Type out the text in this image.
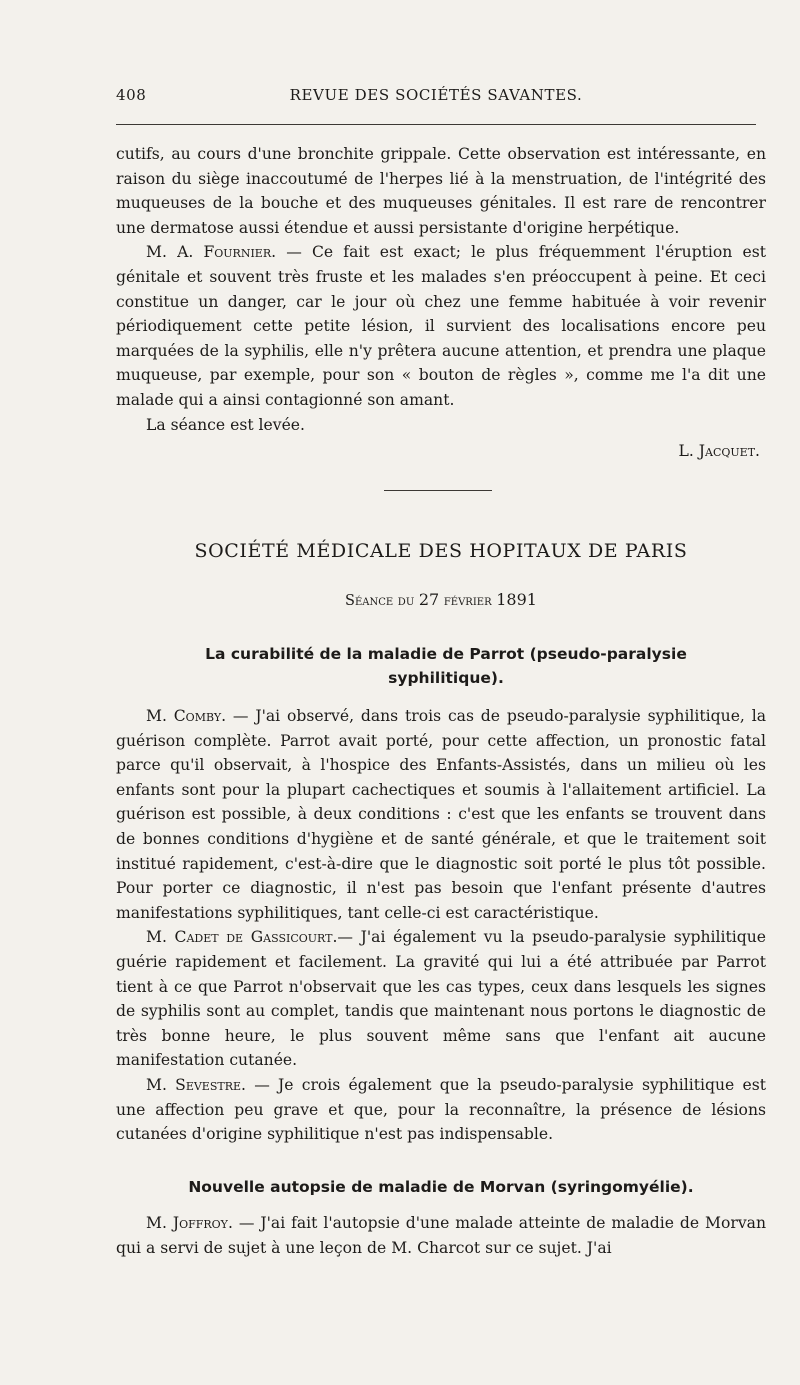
408	REVUE DES SOCIÉTÉS SAVANTES.

cutifs, au cours d'une bronchite grippale. Cette observation est intéressante, en raison du siège inaccoutumé de l'herpes lié à la menstruation, de l'intégrité des muqueuses de la bouche et des muqueuses génitales. Il est rare de rencontrer une dermatose aussi étendue et aussi persistante d'origine herpétique.

M. A. Fournier. — Ce fait est exact; le plus fréquemment l'éruption est génitale et souvent très fruste et les malades s'en préoccupent à peine. Et ceci constitue un danger, car le jour où chez une femme habituée à voir revenir périodiquement cette petite lésion, il survient des localisations encore peu marquées de la syphilis, elle n'y prêtera aucune attention, et prendra une plaque muqueuse, par exemple, pour son « bouton de règles », comme me l'a dit une malade qui a ainsi contagionné son amant.

La séance est levée.

L. Jacquet.
SOCIÉTÉ MÉDICALE DES HOPITAUX DE PARIS
Séance du 27 février 1891
La curabilité de la maladie de Parrot (pseudo-paralysie syphilitique).

M. Comby. — J'ai observé, dans trois cas de pseudo-paralysie syphilitique, la guérison complète. Parrot avait porté, pour cette affection, un pronostic fatal parce qu'il observait, à l'hospice des Enfants-Assistés, dans un milieu où les enfants sont pour la plupart cachectiques et soumis à l'allaitement artificiel. La guérison est possible, à deux conditions : c'est que les enfants se trouvent dans de bonnes conditions d'hygiène et de santé générale, et que le traitement soit institué rapidement, c'est-à-dire que le diagnostic soit porté le plus tôt possible. Pour porter ce diagnostic, il n'est pas besoin que l'enfant présente d'autres manifestations syphilitiques, tant celle-ci est caractéristique.

M. Cadet de Gassicourt.— J'ai également vu la pseudo-paralysie syphilitique guérie rapidement et facilement. La gravité qui lui a été attribuée par Parrot tient à ce que Parrot n'observait que les cas types, ceux dans lesquels les signes de syphilis sont au complet, tandis que maintenant nous portons le diagnostic de très bonne heure, le plus souvent même sans que l'enfant ait aucune manifestation cutanée.

M. Sevestre. — Je crois également que la pseudo-paralysie syphilitique est une affection peu grave et que, pour la reconnaître, la présence de lésions cutanées d'origine syphilitique n'est pas indispensable.

Nouvelle autopsie de maladie de Morvan (syringomyélie).

M. Joffroy. — J'ai fait l'autopsie d'une malade atteinte de maladie de Morvan qui a servi de sujet à une leçon de M. Charcot sur ce sujet. J'ai
